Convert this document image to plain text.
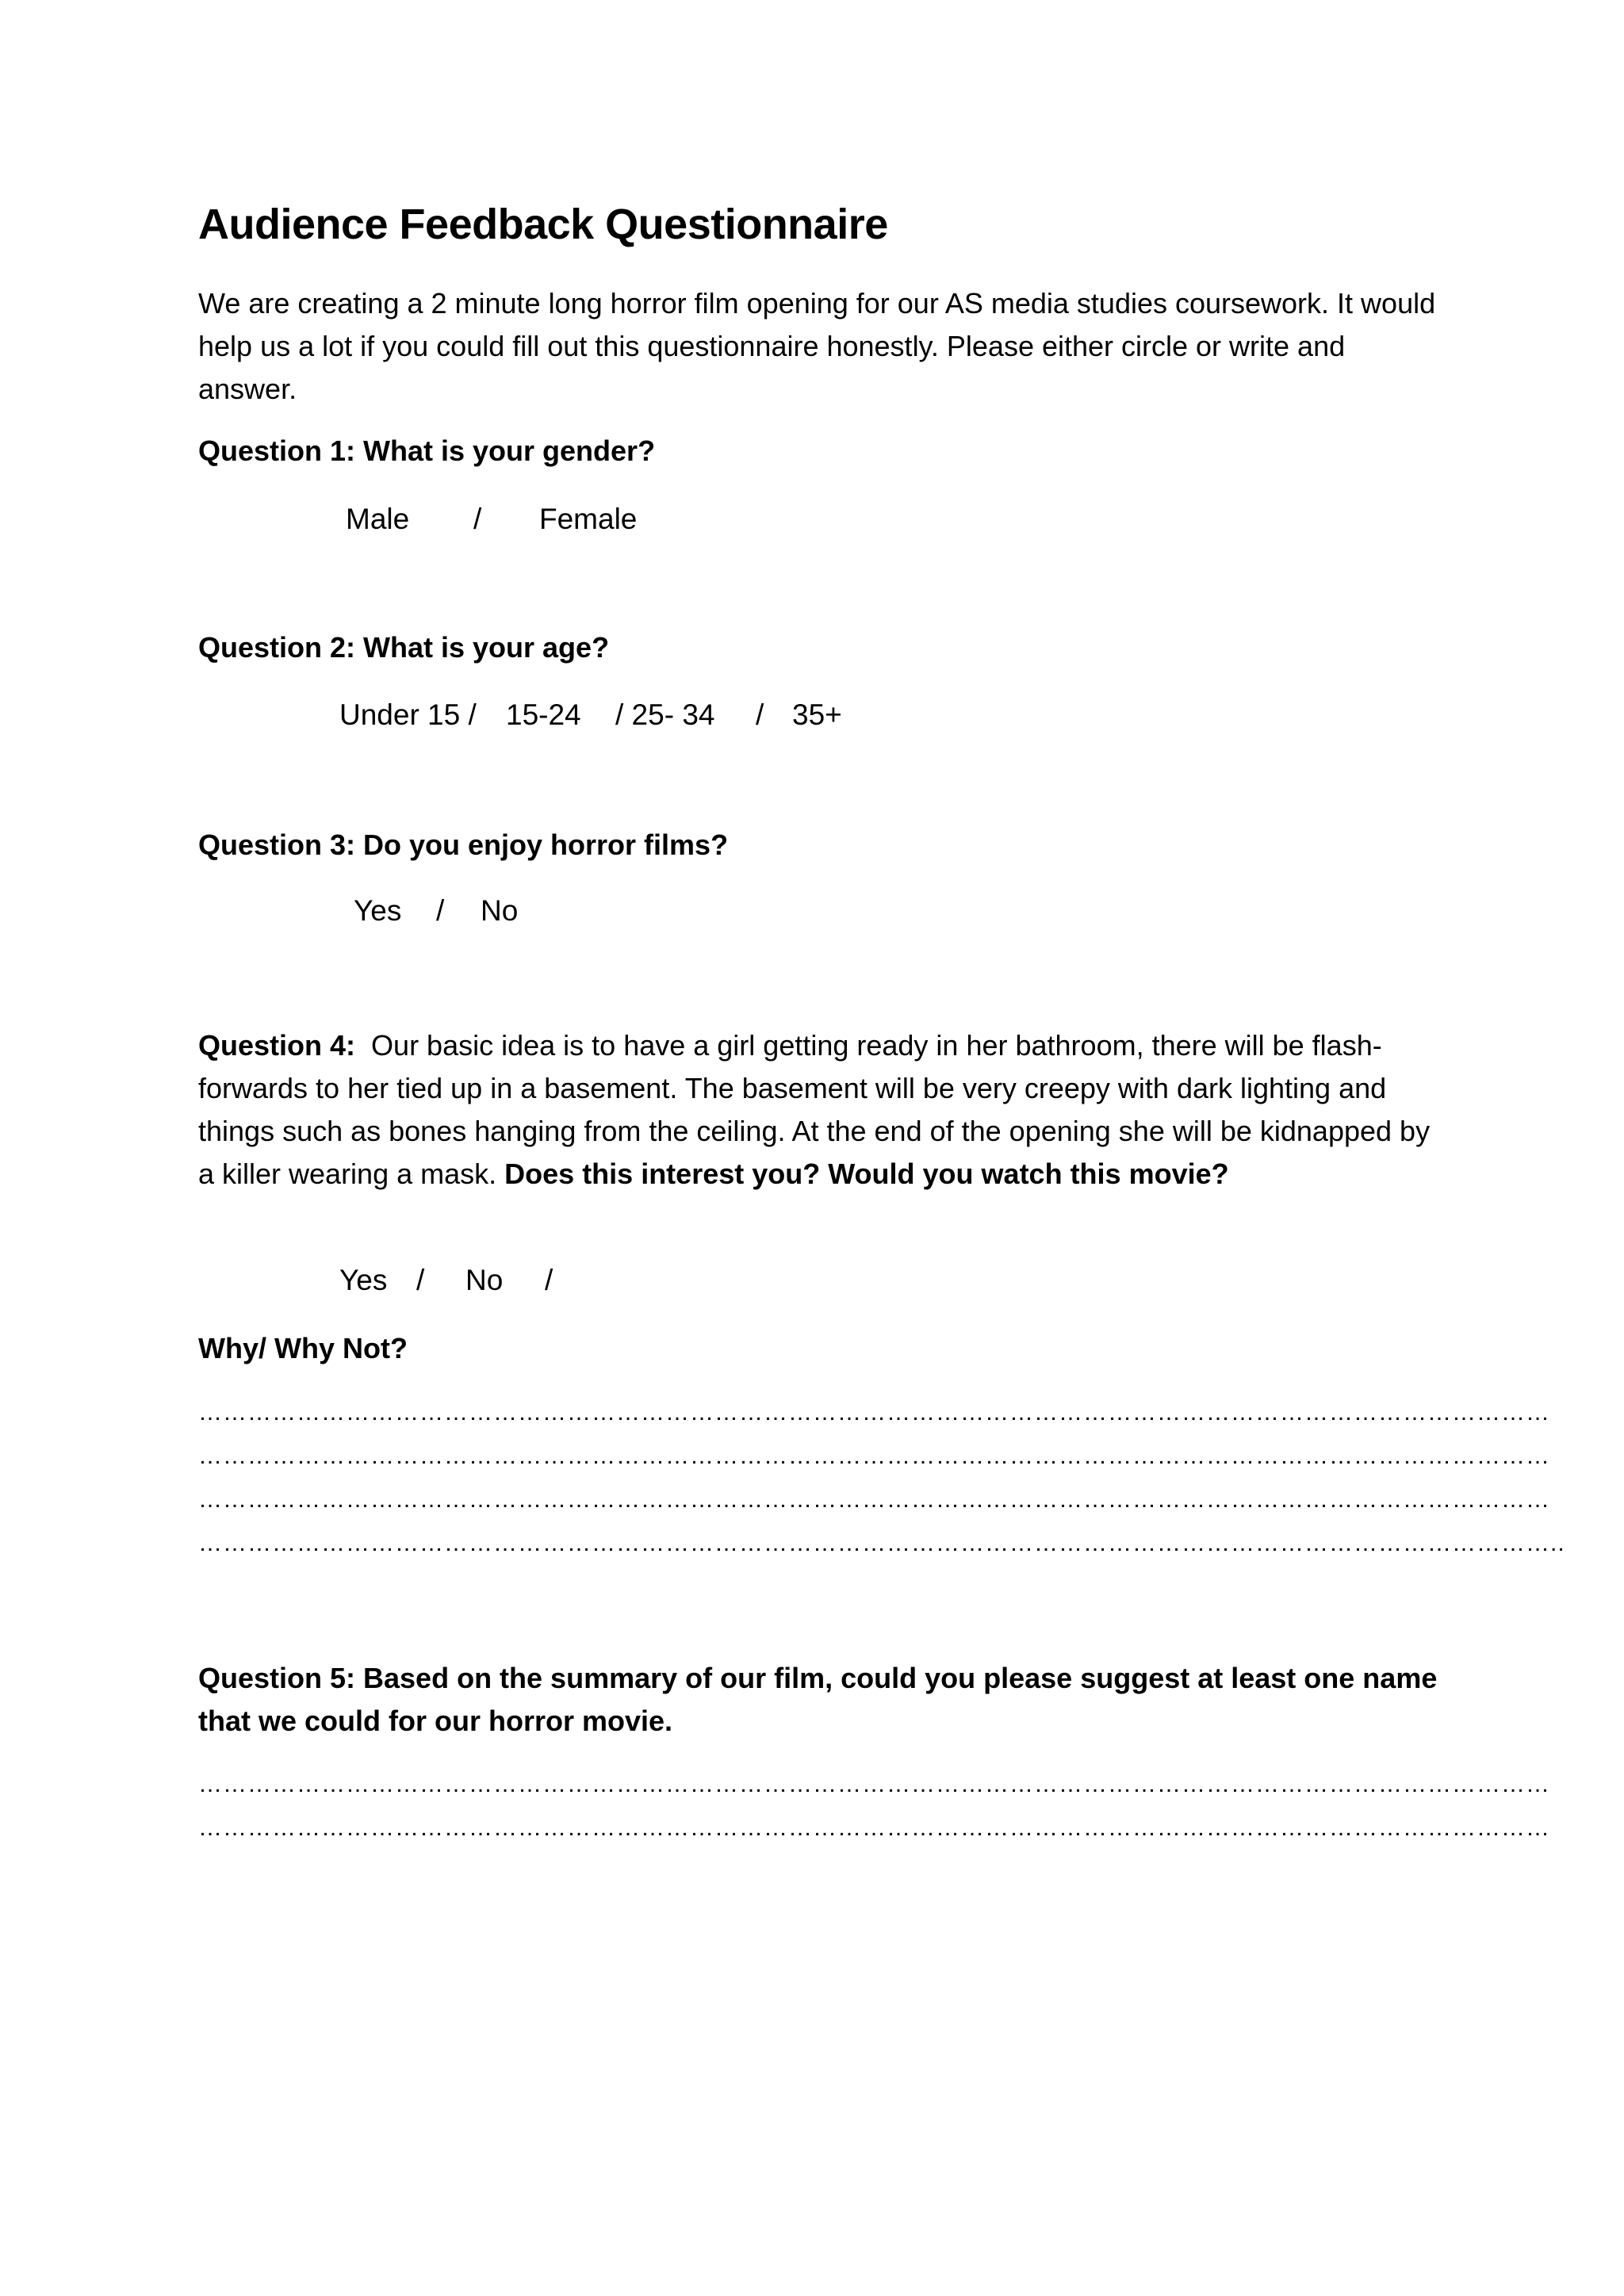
Audience Feedback Questionnaire
We are creating a 2 minute long horror film opening for our AS media studies coursework. It would help us a lot if you could fill out this questionnaire honestly. Please either circle or write and answer.
Question 1: What is your gender?
Male / Female
Question 2: What is your age?
Under 15 / 15-24 / 25- 34 / 35+
Question 3: Do you enjoy horror films?
Yes / No
Question 4: Our basic idea is to have a girl getting ready in her bathroom, there will be flash-forwards to her tied up in a basement. The basement will be very creepy with dark lighting and things such as bones hanging from the ceiling. At the end of the opening she will be kidnapped by a killer wearing a mask. Does this interest you? Would you watch this movie?
Yes / No /
Why/ Why Not?
…………………………………………………………………………………………………………………………………………………
…………………………………………………………………………………………………………………………………………………
…………………………………………………………………………………………………………………………………………………
…………………………………………………………………………………………………………………………………………………..
Question 5: Based on the summary of our film, could you please suggest at least one name that we could for our horror movie.
…………………………………………………………………………………………………………………………………………………
…………………………………………………………………………………………………………………………………………………
